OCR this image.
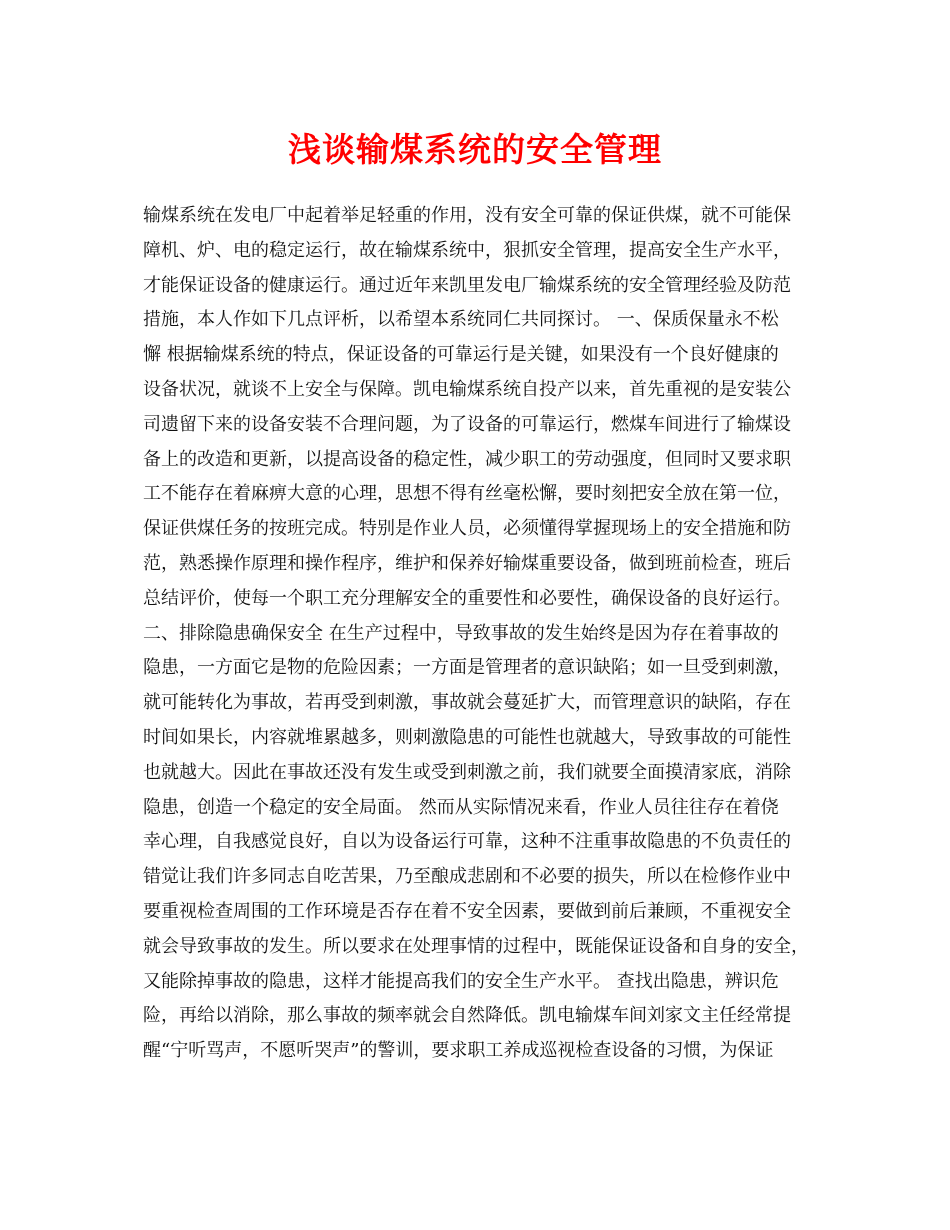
浅谈输煤系统的安全管理
输煤系统在发电厂中起着举足轻重的作用，没有安全可靠的保证供煤，就不可能保
障机、炉、电的稳定运行，故在输煤系统中，狠抓安全管理，提高安全生产水平，
才能保证设备的健康运行。通过近年来凯里发电厂输煤系统的安全管理经验及防范
措施，本人作如下几点评析，以希望本系统同仁共同探讨。 一、保质保量永不松
懈 根据输煤系统的特点，保证设备的可靠运行是关键，如果没有一个良好健康的
设备状况，就谈不上安全与保障。凯电输煤系统自投产以来，首先重视的是安装公
司遗留下来的设备安装不合理问题，为了设备的可靠运行，燃煤车间进行了输煤设
备上的改造和更新，以提高设备的稳定性，减少职工的劳动强度，但同时又要求职
工不能存在着麻痹大意的心理，思想不得有丝毫松懈，要时刻把安全放在第一位，
保证供煤任务的按班完成。特别是作业人员，必须懂得掌握现场上的安全措施和防
范，熟悉操作原理和操作程序，维护和保养好输煤重要设备，做到班前检查，班后
总结评价，使每一个职工充分理解安全的重要性和必要性，确保设备的良好运行。
二、排除隐患确保安全 在生产过程中，导致事故的发生始终是因为存在着事故的
隐患，一方面它是物的危险因素；一方面是管理者的意识缺陷；如一旦受到刺激，
就可能转化为事故，若再受到刺激，事故就会蔓延扩大，而管理意识的缺陷，存在
时间如果长，内容就堆累越多，则刺激隐患的可能性也就越大，导致事故的可能性
也就越大。因此在事故还没有发生或受到刺激之前，我们就要全面摸清家底，消除
隐患，创造一个稳定的安全局面。 然而从实际情况来看，作业人员往往存在着侥
幸心理，自我感觉良好，自以为设备运行可靠，这种不注重事故隐患的不负责任的
错觉让我们许多同志自吃苦果，乃至酿成悲剧和不必要的损失，所以在检修作业中
要重视检查周围的工作环境是否存在着不安全因素，要做到前后兼顾，不重视安全
就会导致事故的发生。所以要求在处理事情的过程中，既能保证设备和自身的安全，
又能除掉事故的隐患，这样才能提高我们的安全生产水平。 查找出隐患，辨识危
险，再给以消除，那么事故的频率就会自然降低。凯电输煤车间刘家文主任经常提
醒“宁听骂声，不愿听哭声”的警训，要求职工养成巡视检查设备的习惯，为保证
